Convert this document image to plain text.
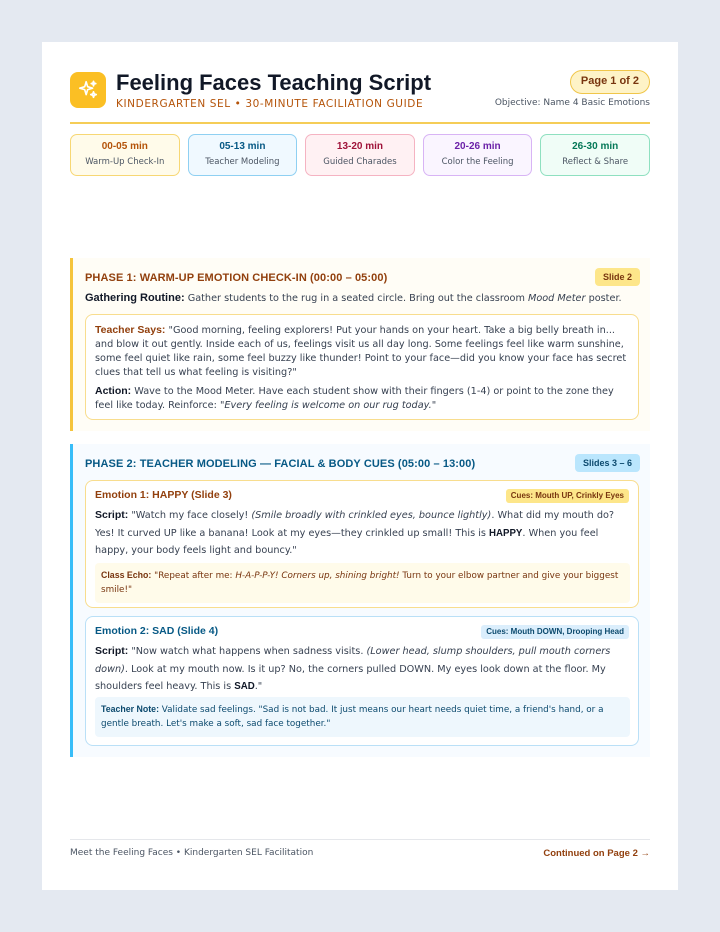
Feeling Faces Teaching Script
KINDERGARTEN SEL • 30-MINUTE FACILIATION GUIDE
Page 1 of 2
Objective: Name 4 Basic Emotions
00-05 min
Warm-Up Check-In
05-13 min
Teacher Modeling
13-20 min
Guided Charades
20-26 min
Color the Feeling
26-30 min
Reflect & Share
PHASE 1: WARM-UP EMOTION CHECK-IN (00:00 – 05:00)	Slide 2
Gathering Routine: Gather students to the rug in a seated circle. Bring out the classroom Mood Meter poster.

Teacher Says: "Good morning, feeling explorers! Put your hands on your heart. Take a big belly breath in... and blow it out gently. Inside each of us, feelings visit us all day long. Some feelings feel like warm sunshine, some feel quiet like rain, some feel buzzy like thunder! Point to your face—did you know your face has secret clues that tell us what feeling is visiting?"

Action: Wave to the Mood Meter. Have each student show with their fingers (1-4) or point to the zone they feel like today. Reinforce: "Every feeling is welcome on our rug today."

PHASE 2: TEACHER MODELING — FACIAL & BODY CUES (05:00 – 13:00)	Slides 3 – 6
Emotion 1: HAPPY (Slide 3)	Cues: Mouth UP, Crinkly Eyes

Script: "Watch my face closely! (Smile broadly with crinkled eyes, bounce lightly). What did my mouth do? Yes! It curved UP like a banana! Look at my eyes—they crinkled up small! This is HAPPY. When you feel happy, your body feels light and bouncy."

Class Echo: "Repeat after me: H-A-P-P-Y! Corners up, shining bright! Turn to your elbow partner and give your biggest smile!"
Emotion 2: SAD (Slide 4)	Cues: Mouth DOWN, Drooping Head

Script: "Now watch what happens when sadness visits. (Lower head, slump shoulders, pull mouth corners down). Look at my mouth now. Is it up? No, the corners pulled DOWN. My eyes look down at the floor. My shoulders feel heavy. This is SAD."

Teacher Note: Validate sad feelings. "Sad is not bad. It just means our heart needs quiet time, a friend's hand, or a gentle breath. Let's make a soft, sad face together."
Meet the Feeling Faces • Kindergarten SEL Facilitation	Continued on Page 2 →
